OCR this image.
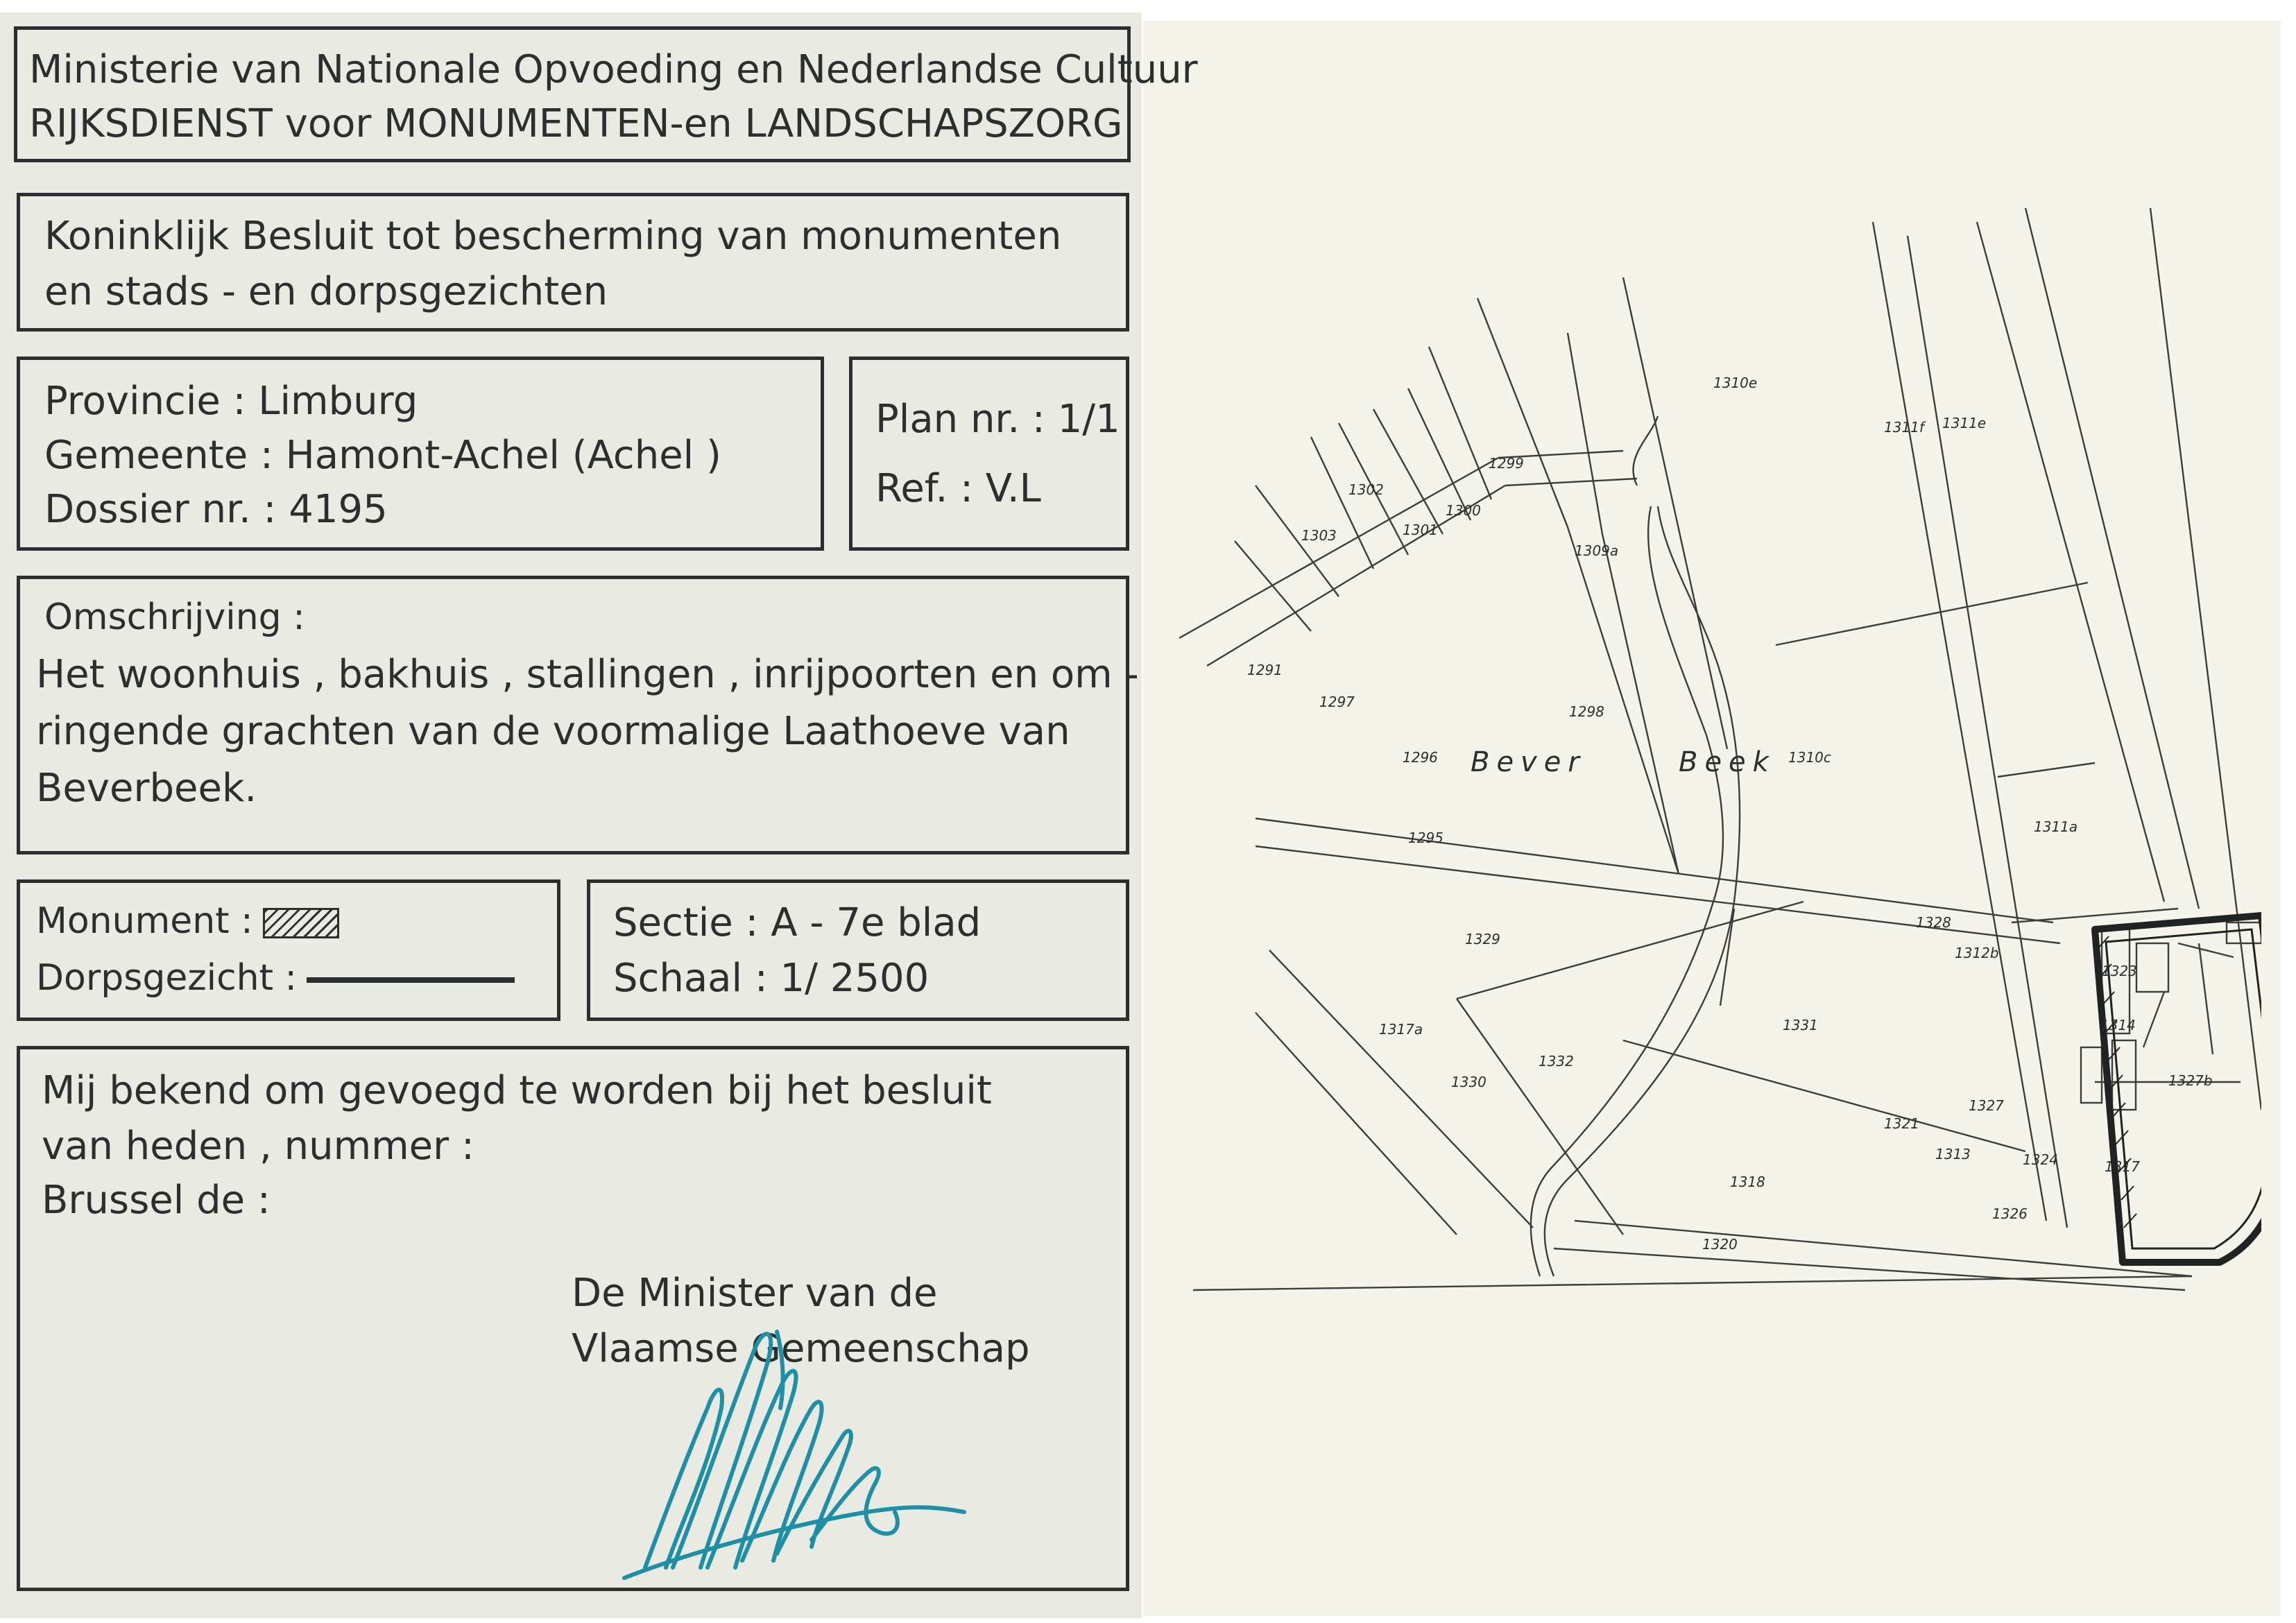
Ministerie van Nationale Opvoeding en Nederlandse Cultuur
RIJKSDIENST voor MONUMENTEN-en LANDSCHAPSZORG
Koninklijk Besluit tot bescherming van monumenten
en stads - en dorpsgezichten
Provincie : Limburg
Gemeente : Hamont-Achel (Achel )
Dossier nr. : 4195
Plan nr. : 1/1
Ref. : V.L
Omschrijving :
Het woonhuis , bakhuis , stallingen , inrijpoorten en om -
ringende grachten van de voormalige Laathoeve van
Beverbeek.
Monument :
Dorpsgezicht :
Sectie : A - 7e blad
Schaal : 1/ 2500
Mij bekend om gevoegd te worden bij het besluit
van heden , nummer :
Brussel de :
De Minister van de
Vlaamse Gemeenschap
Bever	Beek
1310e
1311e
1311f
1299
1302
1300
1301
1303
1309a
1291
1297
1298
1296	1310c
1311a
1295
1329
1328
1312b
1323
1314
1317a
1332
1330
1331
1327
1321
1327b
1313	1324	1317
1318
1326
1320
